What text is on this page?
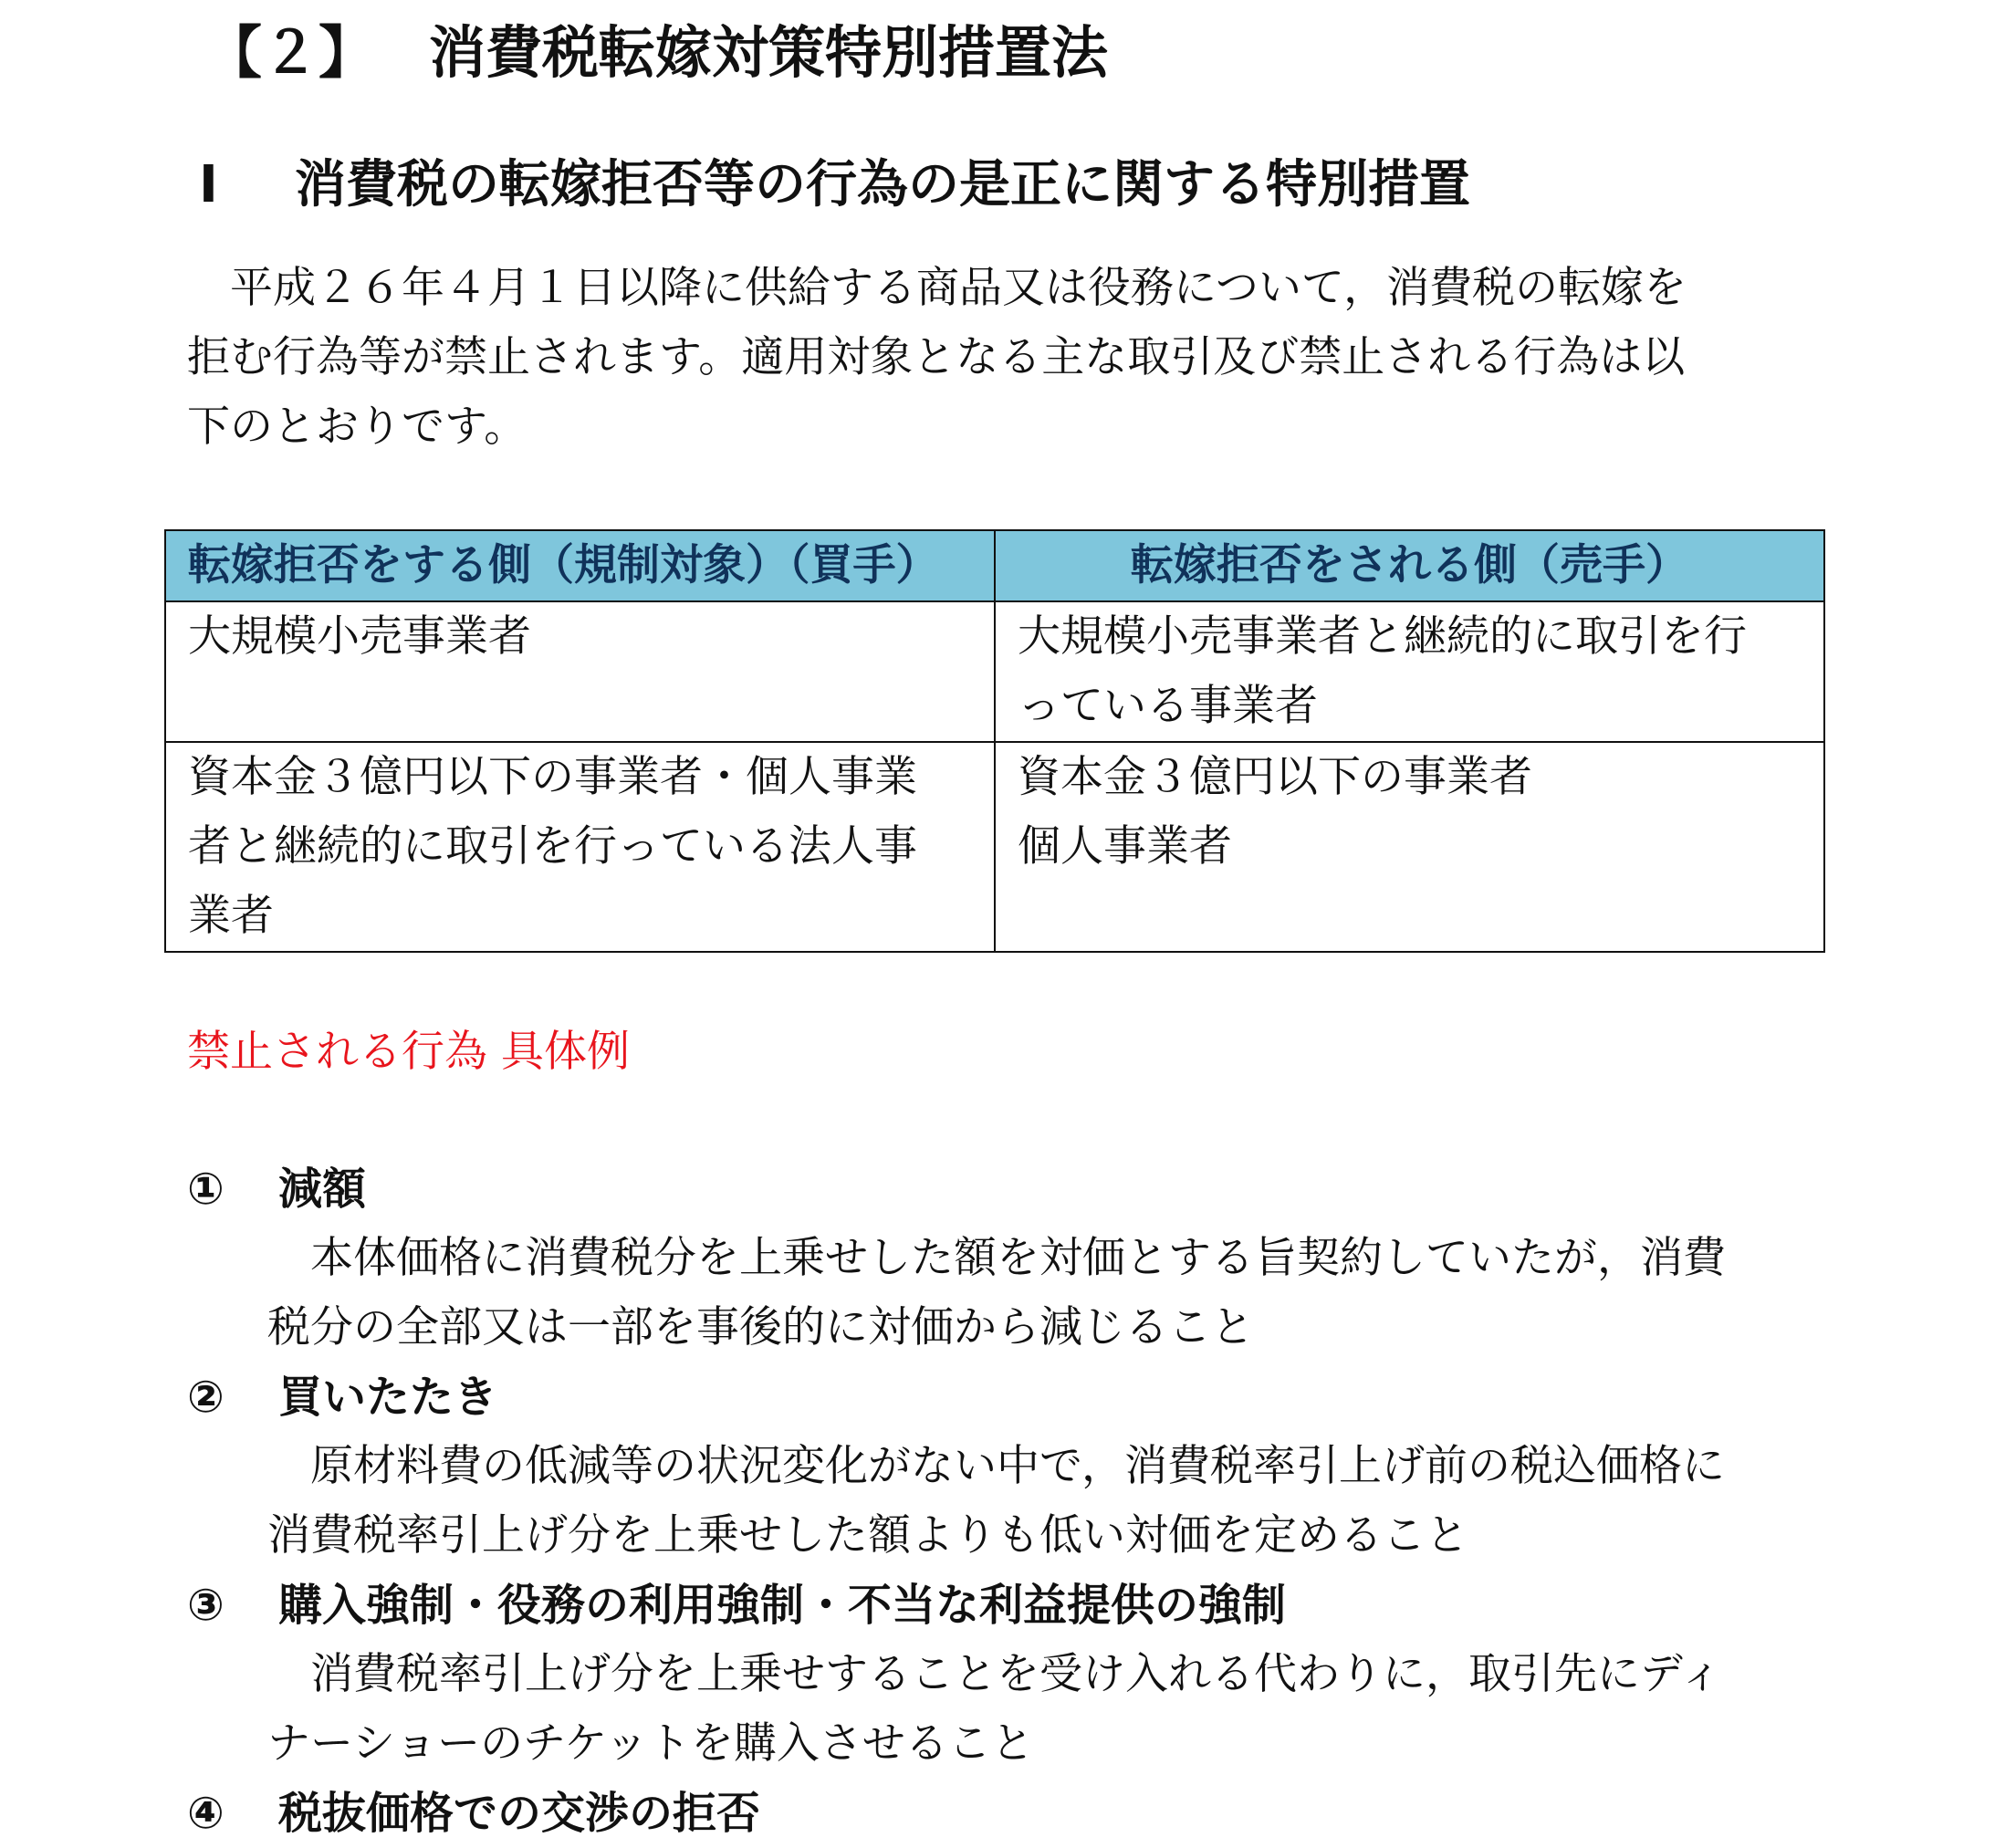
【２】 消費税転嫁対策特別措置法
Ⅰ 消費税の転嫁拒否等の行為の是正に関する特別措置

平成２６年４月１日以降に供給する商品又は役務について，消費税の転嫁を

拒む行為等が禁止されます。適用対象となる主な取引及び禁止される行為は以

下のとおりです。

転嫁拒否をする側（規制対象）（買手）	転嫁拒否をされる側（売手）

大規模小売事業者	大規模小売事業者と継続的に取引を行
っている事業者

資本金３億円以下の事業者・個人事業
者と継続的に取引を行っている法人事
業者	資本金３億円以下の事業者
個人事業者
禁止される行為 具体例
① 減額

本体価格に消費税分を上乗せした額を対価とする旨契約していたが，消費

税分の全部又は一部を事後的に対価から減じること

② 買いたたき

原材料費の低減等の状況変化がない中で，消費税率引上げ前の税込価格に

消費税率引上げ分を上乗せした額よりも低い対価を定めること

③ 購入強制・役務の利用強制・不当な利益提供の強制

消費税率引上げ分を上乗せすることを受け入れる代わりに，取引先にディ

ナーショーのチケットを購入させること

④ 税抜価格での交渉の拒否
